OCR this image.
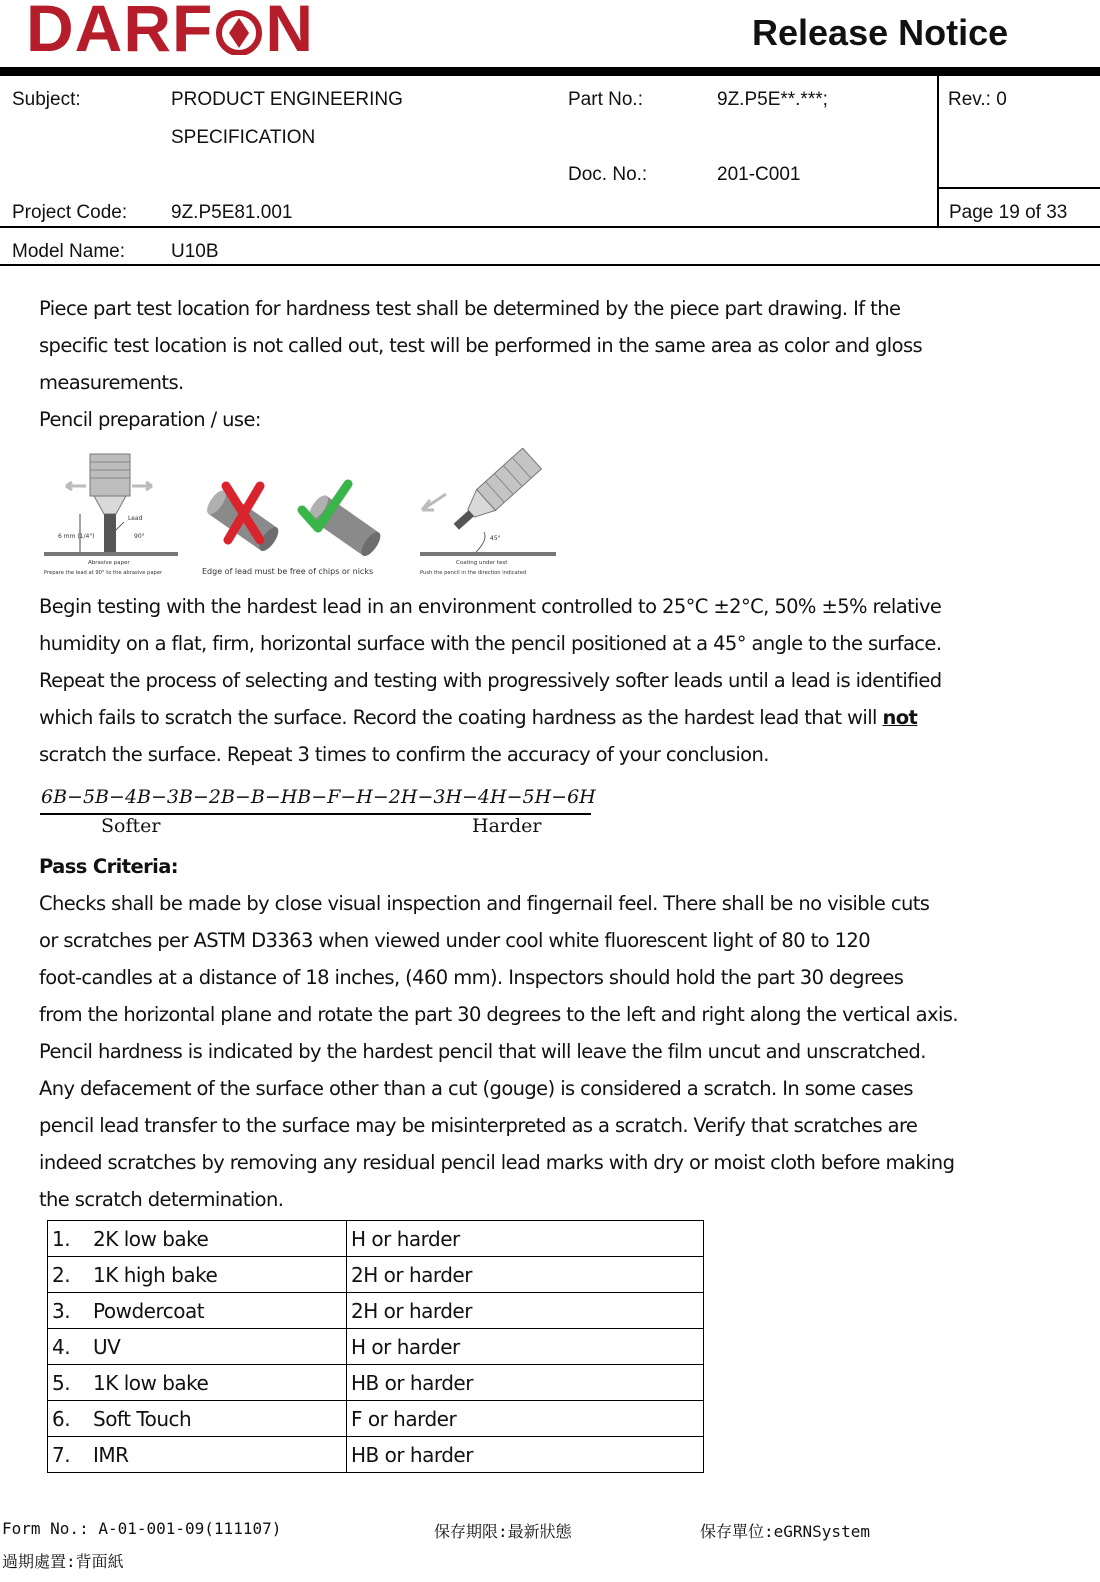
DARF N	Release Notice
Subject:	PRODUCT ENGINEERING
SPECIFICATION
Part No.:	9Z.P5E**.***;	Rev.: 0
Doc. No.:	201-C001
Project Code: 9Z.P5E81.001	Page 19 of 33
Model Name: U10B
Piece part test location for hardness test shall be determined by the piece part drawing. If the
specific test location is not called out, test will be performed in the same area as color and gloss
measurements.
Pencil preparation / use:
6 mm (1/4")
Lead
90°
Abrasive paper
Prepare the lead at 90° to the abrasive paper	Edge of lead must be free of chips or nicks
45°
Coating under test
Push the pencil in the direction indicated
Begin testing with the hardest lead in an environment controlled to 25°C ±2°C, 50% ±5% relative
humidity on a flat, firm, horizontal surface with the pencil positioned at a 45° angle to the surface.
Repeat the process of selecting and testing with progressively softer leads until a lead is identified
which fails to scratch the surface. Record the coating hardness as the hardest lead that will not
scratch the surface. Repeat 3 times to confirm the accuracy of your conclusion.
6B−5B−4B−3B−2B−B−HB−F−H−2H−3H−4H−5H−6H
Softer	Harder
Pass Criteria:
Checks shall be made by close visual inspection and fingernail feel. There shall be no visible cuts
or scratches per ASTM D3363 when viewed under cool white fluorescent light of 80 to 120
foot-candles at a distance of 18 inches, (460 mm). Inspectors should hold the part 30 degrees
from the horizontal plane and rotate the part 30 degrees to the left and right along the vertical axis.
Pencil hardness is indicated by the hardest pencil that will leave the film uncut and unscratched.
Any defacement of the surface other than a cut (gouge) is considered a scratch. In some cases
pencil lead transfer to the surface may be misinterpreted as a scratch. Verify that scratches are
indeed scratches by removing any residual pencil lead marks with dry or moist cloth before making
the scratch determination.
1. 2K low bake	H or harder
2. 1K high bake	2H or harder
3. Powdercoat	2H or harder
4. UV	H or harder
5. 1K low bake	HB or harder
6. Soft Touch	F or harder
7. IMR	HB or harder
Form No.: A-01-001-09(111107)	保存期限:最新狀態	保存單位:eGRNSystem
過期處置:背面紙
